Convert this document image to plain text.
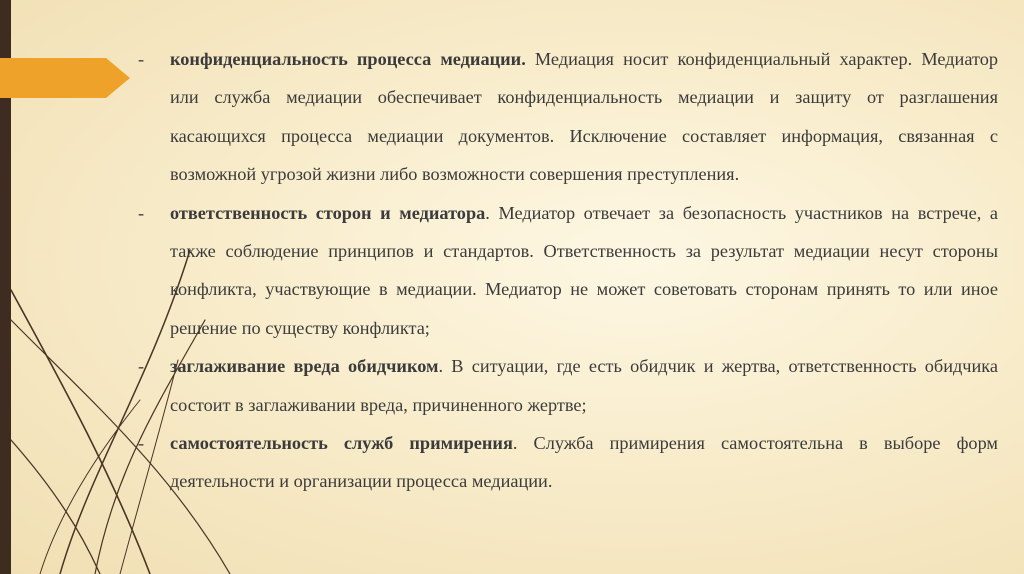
-	конфиденциальность процесса медиации. Медиация носит конфиденциальный характер. Медиатор или служба медиации обеспечивает конфиденциальность медиации и защиту от разглашения касающихся процесса медиации документов. Исключение составляет информация, связанная с возможной угрозой жизни либо возможности совершения преступления.
-	ответственность сторон и медиатора. Медиатор отвечает за безопасность участников на встрече, а также соблюдение принципов и стандартов. Ответственность за результат медиации несут стороны конфликта, участвующие в медиации. Медиатор не может советовать сторонам принять то или иное решение по существу конфликта;
-	заглаживание вреда обидчиком. В ситуации, где есть обидчик и жертва, ответственность обидчика состоит в заглаживании вреда, причиненного жертве;
-	самостоятельность служб примирения. Служба примирения самостоятельна в выборе форм деятельности и организации процесса медиации.
